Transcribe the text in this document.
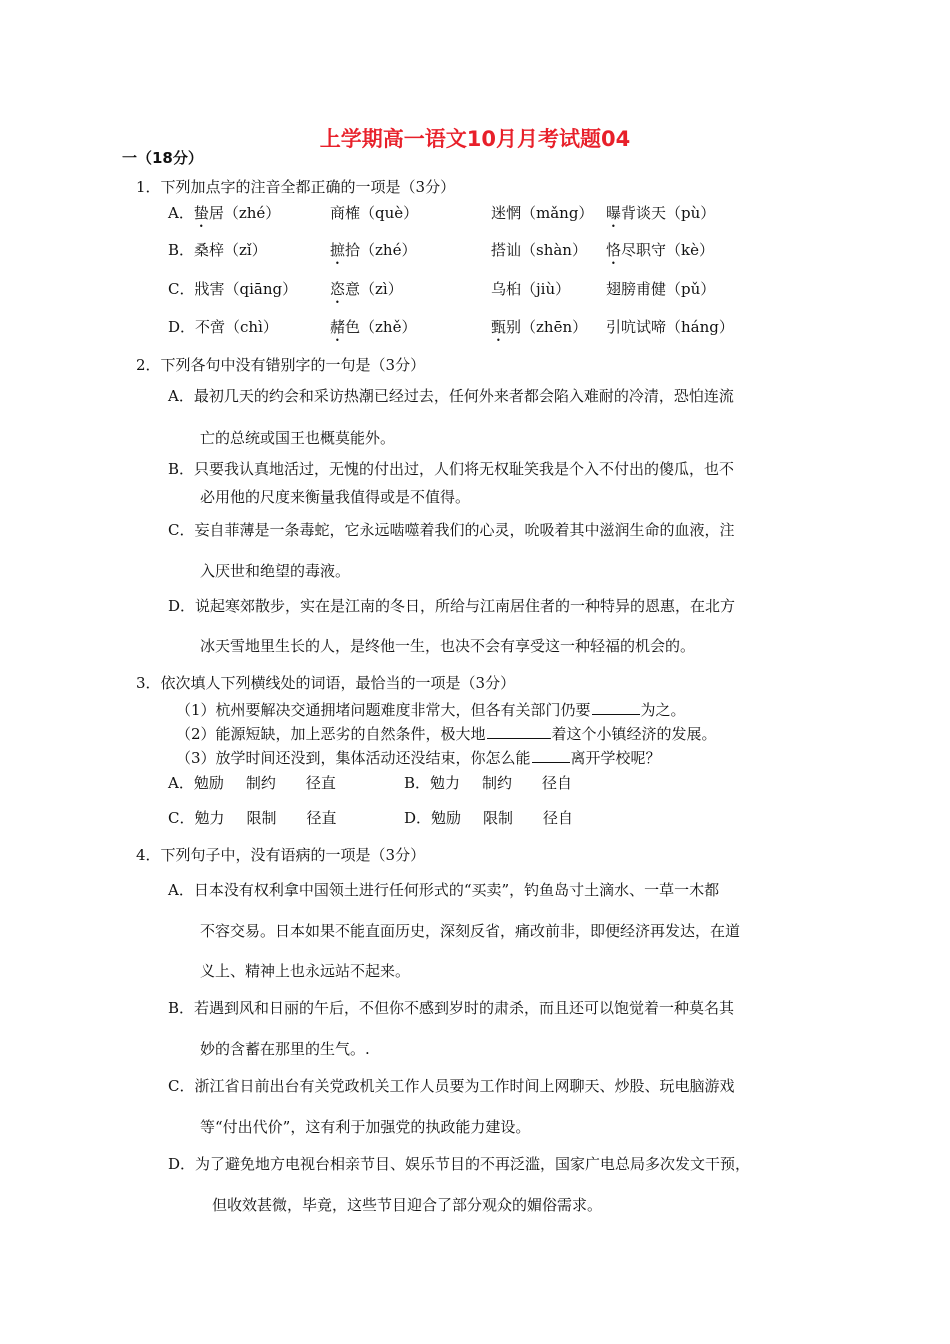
上学期高一语文10月月考试题04
一（18分）
1．下列加点字的注音全都正确的一项是（3分）
A．蛰居（zhé）	商榷（què）	迷惘（mǎng） 曝背谈天（pù）
B．桑梓（zǐ）	摭拾（zhé）	搭讪（shàn） 恪尽职守（kè）
C．戕害（qiāng） 恣意（zì）	乌桕（jiù） 翅膀甫健（pǔ）
D．不啻（chì）	赭色（zhě）	甄别（zhēn） 引吭试啼（háng）
2．下列各句中没有错别字的一句是（3分）
A．最初几天的约会和采访热潮已经过去，任何外来者都会陷入难耐的冷清，恐怕连流
亡的总统或国王也概莫能外。
B．只要我认真地活过，无愧的付出过，人们将无权耻笑我是个入不付出的傻瓜，也不
必用他的尺度来衡量我值得或是不值得。
C．妄自菲薄是一条毒蛇，它永远啮噬着我们的心灵，吮吸着其中滋润生命的血液，注
入厌世和绝望的毒液。
D．说起寒郊散步，实在是江南的冬日，所给与江南居住者的一种特异的恩惠，在北方
冰天雪地里生长的人，是终他一生，也决不会有享受这一种轻福的机会的。
3．依次填人下列横线处的词语，最恰当的一项是（3分）
（1）杭州要解决交通拥堵问题难度非常大，但各有关部门仍要	为之。
（2）能源短缺，加上恶劣的自然条件，极大地	着这个小镇经济的发展。
（3）放学时间还没到，集体活动还没结束，你怎么能	离开学校呢？
A．勉励 制约 径直	B．勉力 制约 径自
C．勉力 限制 径直	D．勉励 限制 径自
4．下列句子中，没有语病的一项是（3分）
A．日本没有权利拿中国领土进行任何形式的“买卖”，钓鱼岛寸土滴水、一草一木都
不容交易。日本如果不能直面历史，深刻反省，痛改前非，即便经济再发达，在道
义上、精神上也永远站不起来。
B．若遇到风和日丽的午后，不但你不感到岁时的肃杀，而且还可以饱觉着一种莫名其
妙的含蓄在那里的生气。.
C．浙江省日前出台有关党政机关工作人员要为工作时间上网聊天、炒股、玩电脑游戏
等“付出代价”，这有利于加强党的执政能力建设。
D．为了避免地方电视台相亲节目、娱乐节目的不再泛滥，国家广电总局多次发文干预，
但收效甚微，毕竟，这些节目迎合了部分观众的媚俗需求。
